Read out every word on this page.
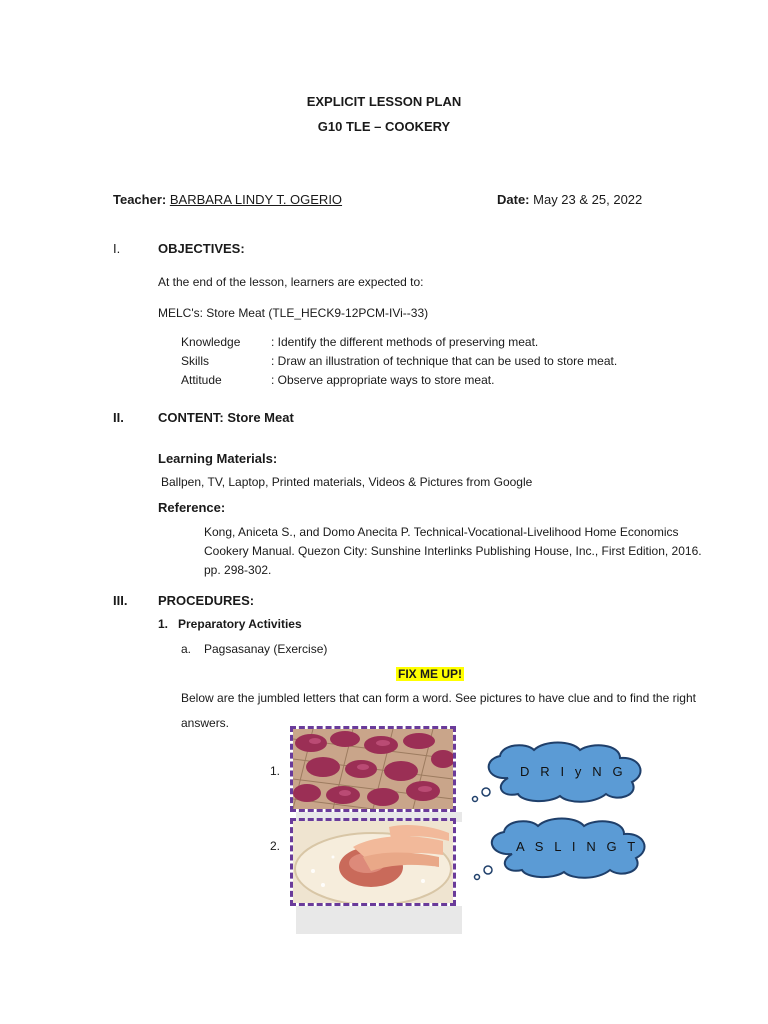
EXPLICIT LESSON PLAN
G10 TLE – COOKERY
Teacher: BARBARA LINDY T. OGERIO	Date: May 23 & 25, 2022
I.	OBJECTIVES:
At the end of the lesson, learners are expected to:
MELC's: Store Meat (TLE_HECK9-12PCM-IVi--33)
Knowledge	: Identify the different methods of preserving meat.
Skills	: Draw an illustration of technique that can be used to store meat.
Attitude	: Observe appropriate ways to store meat.
II.	CONTENT: Store Meat
Learning Materials:
Ballpen, TV, Laptop, Printed materials, Videos & Pictures from Google
Reference:
Kong, Aniceta S., and Domo Anecita P. Technical-Vocational-Livelihood Home Economics
Cookery Manual. Quezon City: Sunshine Interlinks Publishing House, Inc., First Edition, 2016.
pp. 298-302.
III. PROCEDURES:
1.   Preparatory Activities
a. Pagsasanay (Exercise)
FIX ME UP!
Below are the jumbled letters that can form a word. See pictures to have clue and to find the right
answers.
1.	D   R   I   y   N   G
2.	A   S   L   I   N   G   T
